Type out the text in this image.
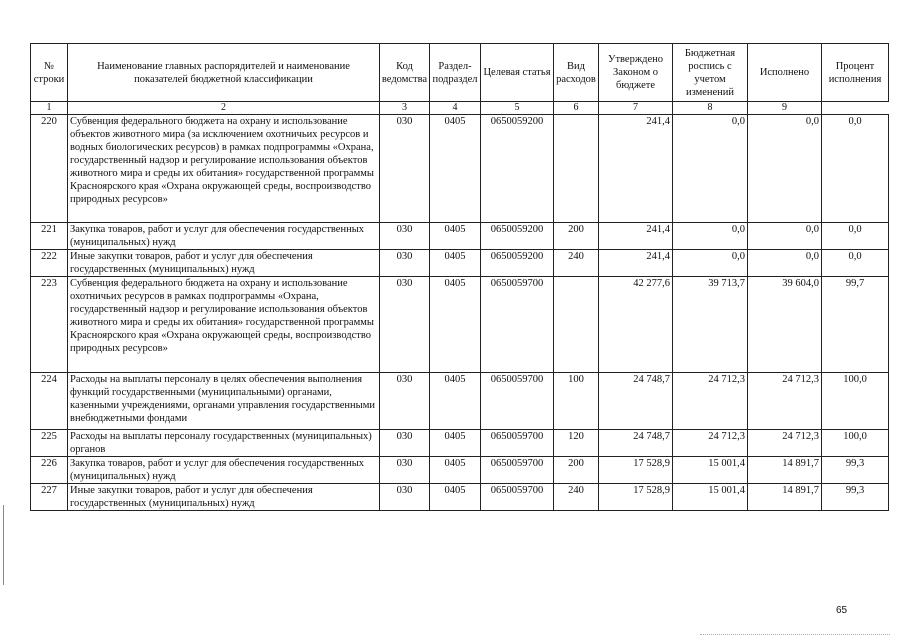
№ строки	Наименование главных распорядителей и наименование показателей бюджетной классификации	Код ведомства	Раздел-подраздел	Целевая статья	Вид расходов	Утверждено Законом о бюджете	Бюджетная роспись с учетом изменений	Исполнено	Процент исполнения
1	2	3	4	5	6	7	8	9
220	Субвенция федерального бюджета на охрану и использование объектов животного мира (за исключением охотничьих ресурсов и водных биологических ресурсов) в рамках подпрограммы «Охрана, государственный надзор и регулирование использования объектов животного мира и среды их обитания» государственной программы Красноярского края «Охрана окружающей среды, воспроизводство природных ресурсов»	030	0405	0650059200		241,4	0,0	0,0	0,0
221	Закупка товаров, работ и услуг для обеспечения государственных (муниципальных) нужд	030	0405	0650059200	200	241,4	0,0	0,0	0,0
222	Иные закупки товаров, работ и услуг для обеспечения государственных (муниципальных) нужд	030	0405	0650059200	240	241,4	0,0	0,0	0,0
223	Субвенция федерального бюджета на охрану и использование охотничьих ресурсов в рамках подпрограммы «Охрана, государственный надзор и регулирование использования объектов животного мира и среды их обитания» государственной программы Красноярского края «Охрана окружающей среды, воспроизводство природных ресурсов»	030	0405	0650059700		42 277,6	39 713,7	39 604,0	99,7
224	Расходы на выплаты персоналу в целях обеспечения выполнения функций государственными (муниципальными) органами, казенными учреждениями, органами управления государственными внебюджетными фондами	030	0405	0650059700	100	24 748,7	24 712,3	24 712,3	100,0
225	Расходы на выплаты персоналу государственных (муниципальных) органов	030	0405	0650059700	120	24 748,7	24 712,3	24 712,3	100,0
226	Закупка товаров, работ и услуг для обеспечения государственных (муниципальных) нужд	030	0405	0650059700	200	17 528,9	15 001,4	14 891,7	99,3
227	Иные закупки товаров, работ и услуг для обеспечения государственных (муниципальных) нужд	030	0405	0650059700	240	17 528,9	15 001,4	14 891,7	99,3
65
